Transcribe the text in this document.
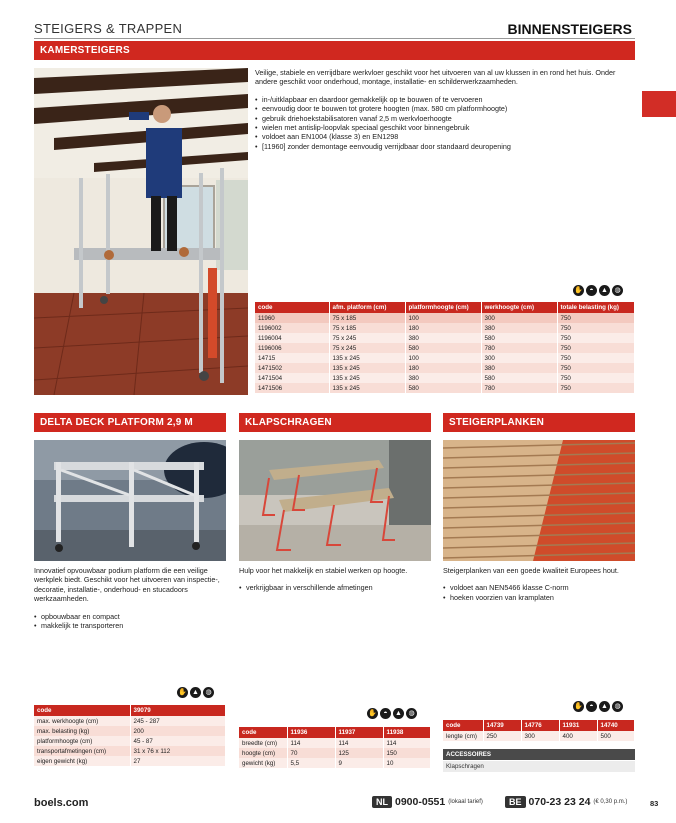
STEIGERS & TRAPPEN	BINNENSTEIGERS
KAMERSTEIGERS

Veilige, stabiele en verrijdbare werkvloer geschikt voor het uitvoeren van al uw klussen in en rond het huis. Onder andere geschikt voor onderhoud, montage, installatie- en schilderwerkzaamheden.

• in-/uitklapbaar en daardoor gemakkelijk op te bouwen of te vervoeren
• eenvoudig door te bouwen tot grotere hoogten (max. 580 cm platformhoogte)
• gebruik driehoekstabilisatoren vanaf 2,5 m werkvloerhoogte
• wielen met antislip-loopvlak speciaal geschikt voor binnengebruik
• voldoet aan EN1004 (klasse 3) en EN1298
• [11960] zonder demontage eenvoudig verrijdbaar door standaard deuropening
✋ ◓	▲ ◍
code	afm. platform (cm)	platformhoogte (cm)	werkhoogte (cm)	totale belasting (kg)
11960	75 x 185	100	300	750
1196002	75 x 185	180	380	750
1196004	75 x 245	380	580	750
1196006	75 x 245	580	780	750
14715	135 x 245	100	300	750
1471502	135 x 245	180	380	750
1471504	135 x 245	380	580	750
1471506	135 x 245	580	780	750
DELTA DECK PLATFORM 2,9 M

Innovatief opvouwbaar podium platform die een veilige werkplek biedt. Geschikt voor het uitvoeren van inspectie-, decoratie, installatie-, onderhoud- en stucadoors werkzaamheden.

• opbouwbaar en compact
• makkelijk te transporteren
✋ ▲ ◍
code	39079
max. werkhoogte (cm)	245 - 287
max. belasting (kg)	200
platformhoogte (cm)	45 - 87
transportafmetingen (cm)	31 x 76 x 112
eigen gewicht (kg)	27
KLAPSCHRAGEN

Hulp voor het makkelijk en stabiel werken op hoogte.

• verkrijgbaar in verschillende afmetingen
✋ ◓	▲ ◍
code	11936	11937	11938
breedte (cm)	114	114	114
hoogte (cm)	70	125	150
gewicht (kg)	5,5	9	10
STEIGERPLANKEN

Steigerplanken van een goede kwaliteit Europees hout.

• voldoet aan NEN5466 klasse C-norm
• hoeken voorzien van kramplaten
✋ ◓	▲ ◍
code	14739	14776	11931	14740
lengte (cm)	250	300	400	500
ACCESSOIRES
Klapschragen
boels.com	NL 0900-0551 (lokaal tarief)	BE 070-23 23 24 (€ 0,30 p.m.)	83
